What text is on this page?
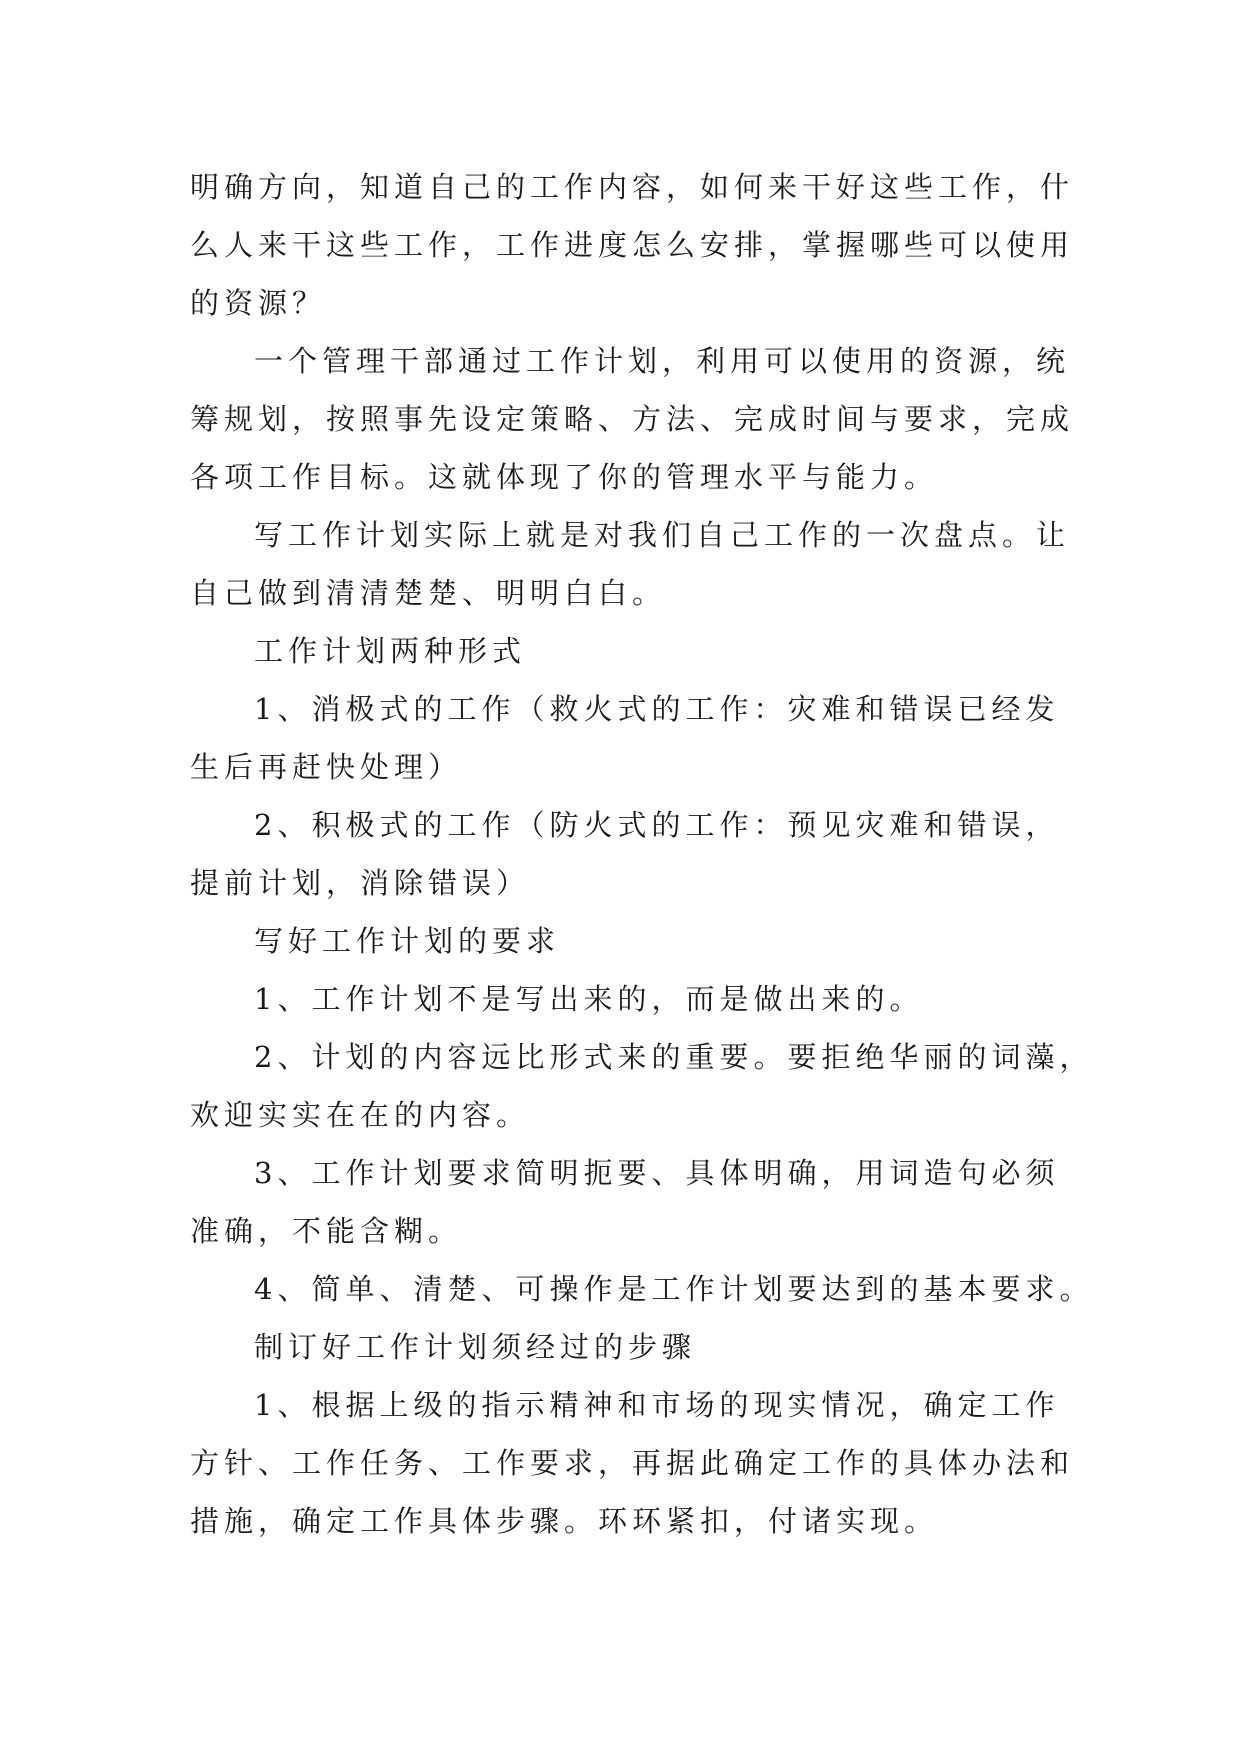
明确方向，知道自己的工作内容，如何来干好这些工作，什
么人来干这些工作，工作进度怎么安排，掌握哪些可以使用
的资源？
一个管理干部通过工作计划，利用可以使用的资源，统
筹规划，按照事先设定策略、方法、完成时间与要求，完成
各项工作目标。这就体现了你的管理水平与能力。
写工作计划实际上就是对我们自己工作的一次盘点。让
自己做到清清楚楚、明明白白。
工作计划两种形式
1、消极式的工作（救火式的工作：灾难和错误已经发
生后再赶快处理）
2、积极式的工作（防火式的工作：预见灾难和错误，
提前计划，消除错误）
写好工作计划的要求
1、工作计划不是写出来的，而是做出来的。
2、计划的内容远比形式来的重要。要拒绝华丽的词藻，
欢迎实实在在的内容。
3、工作计划要求简明扼要、具体明确，用词造句必须
准确，不能含糊。
4、简单、清楚、可操作是工作计划要达到的基本要求。
制订好工作计划须经过的步骤
1、根据上级的指示精神和市场的现实情况，确定工作
方针、工作任务、工作要求，再据此确定工作的具体办法和
措施，确定工作具体步骤。环环紧扣，付诸实现。
